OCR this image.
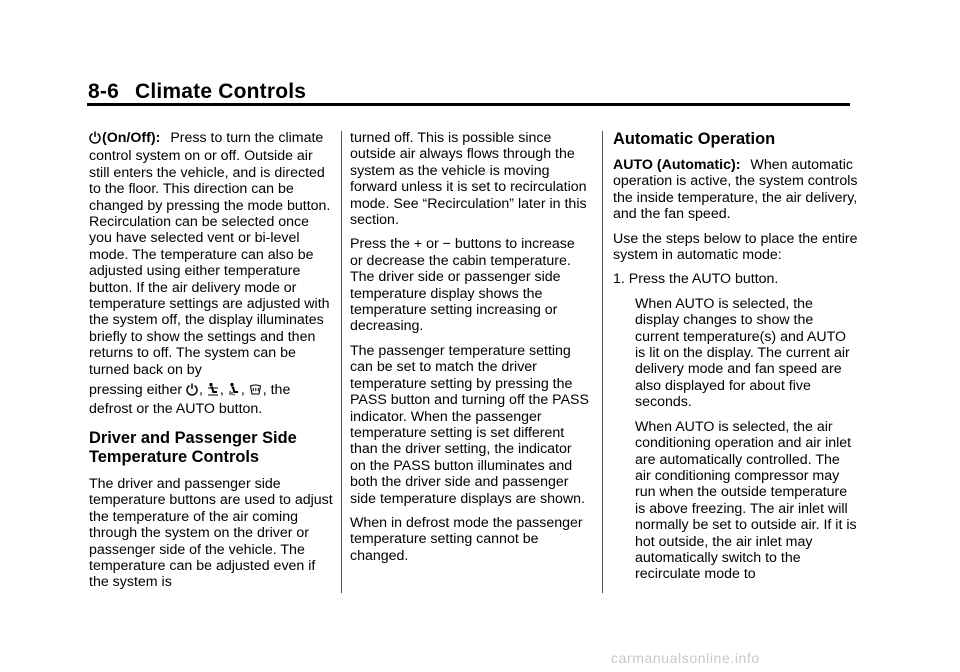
8-6 Climate Controls

(On/Off): Press to turn the climate control system on or off. Outside air still enters the vehicle, and is directed to the floor. This direction can be changed by pressing the mode button. Recirculation can be selected once you have selected vent or bi-level mode. The temperature can also be adjusted using either temperature button. If the air delivery mode or temperature settings are adjusted with the system off, the display illuminates briefly to show the settings and then returns to off. The system can be turned back on by
pressing either , , , , the
defrost or the AUTO button.

Driver and Passenger Side Temperature Controls

The driver and passenger side temperature buttons are used to adjust the temperature of the air coming through the system on the driver or passenger side of the vehicle. The temperature can be adjusted even if the system is

turned off. This is possible since outside air always flows through the system as the vehicle is moving forward unless it is set to recirculation mode. See “Recirculation” later in this section.

Press the + or − buttons to increase or decrease the cabin temperature. The driver side or passenger side temperature display shows the temperature setting increasing or decreasing.

The passenger temperature setting can be set to match the driver temperature setting by pressing the PASS button and turning off the PASS indicator. When the passenger temperature setting is set different than the driver setting, the indicator on the PASS button illuminates and both the driver side and passenger side temperature displays are shown.

When in defrost mode the passenger temperature setting cannot be changed.

Automatic Operation

AUTO (Automatic): When automatic operation is active, the system controls the inside temperature, the air delivery, and the fan speed.

Use the steps below to place the entire system in automatic mode:

1. Press the AUTO button.

When AUTO is selected, the display changes to show the current temperature(s) and AUTO is lit on the display. The current air delivery mode and fan speed are also displayed for about five seconds.

When AUTO is selected, the air conditioning operation and air inlet are automatically controlled. The air conditioning compressor may run when the outside temperature is above freezing. The air inlet will normally be set to outside air. If it is hot outside, the air inlet may automatically switch to the recirculate mode to

carmanualsonline.info
